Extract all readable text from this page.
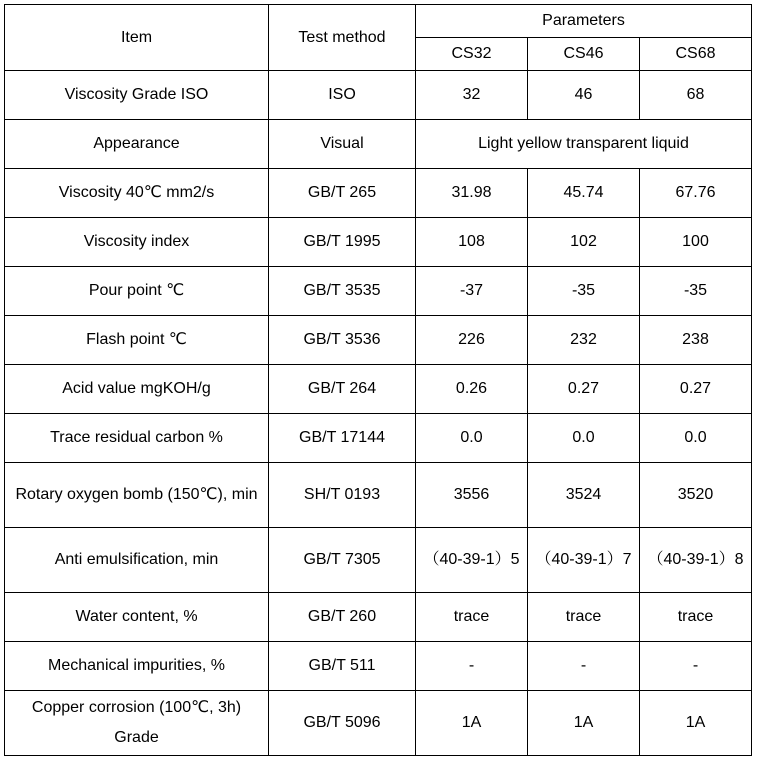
Item	Test method	Parameters		
		CS32	CS46	CS68
Viscosity Grade ISO	ISO	32	46	68
Appearance	Visual	Light yellow transparent liquid		
Viscosity 40℃ mm2/s	GB/T 265	31.98	45.74	67.76
Viscosity index	GB/T 1995	108	102	100
Pour point ℃	GB/T 3535	-37	-35	-35
Flash point ℃	GB/T 3536	226	232	238
Acid value mgKOH/g	GB/T 264	0.26	0.27	0.27
Trace residual carbon %	GB/T 17144	0.0	0.0	0.0
Rotary oxygen bomb (150℃), min	SH/T 0193	3556	3524	3520
Anti emulsification, min	GB/T 7305	（40-39-1）5	（40-39-1）7	（40-39-1）8
Water content, %	GB/T 260	trace	trace	trace
Mechanical impurities, %	GB/T 511	-	-	-
Copper corrosion (100℃, 3h) Grade	GB/T 5096	1A	1A	1A
